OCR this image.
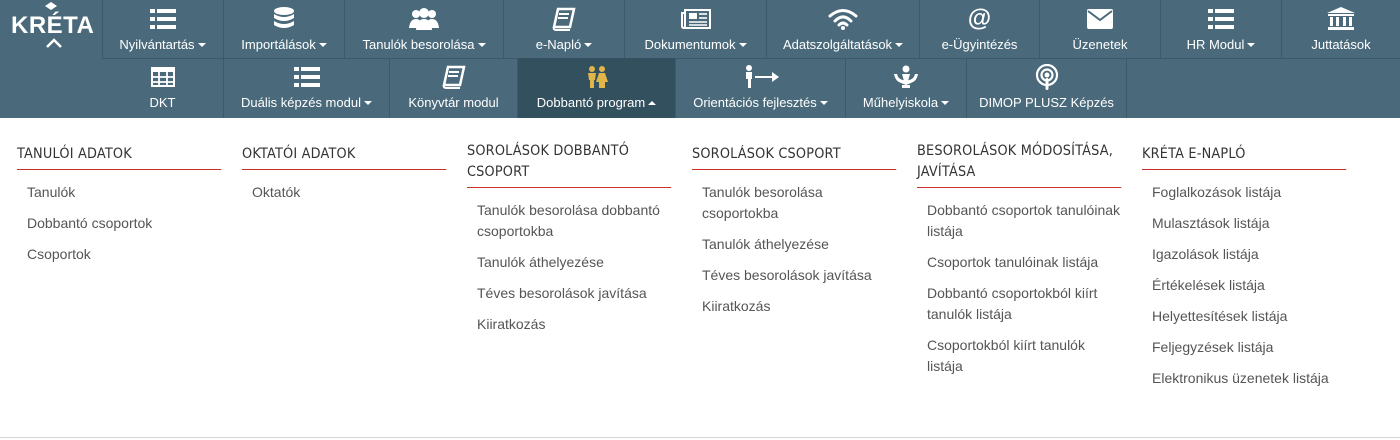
KRÉTA
Nyilvántartás	Importálások	Tanulók besorolása	e-Napló	Dokumentumok	Adatszolgáltatások
@
e-Ügyintézés	Üzenetek	HR Modul	Juttatások
DKT	Duális képzés modul	Könyvtár modul	Dobbantó program	Orientációs fejlesztés	Műhelyiskola	DIMOP PLUSZ Képzés
TANULÓI ADATOK
Tanulók
Dobbantó csoportok
Csoportok
OKTATÓI ADATOK
Oktatók
SOROLÁSOK DOBBANTÓ CSOPORT
Tanulók besorolása dobbantó csoportokba
Tanulók áthelyezése
Téves besorolások javítása
Kiiratkozás
SOROLÁSOK CSOPORT
Tanulók besorolása csoportokba
Tanulók áthelyezése
Téves besorolások javítása
Kiiratkozás
BESOROLÁSOK MÓDOSÍTÁSA, JAVÍTÁSA
Dobbantó csoportok tanulóinak listája
Csoportok tanulóinak listája
Dobbantó csoportokból kiírt tanulók listája
Csoportokból kiírt tanulók listája
KRÉTA E-NAPLÓ
Foglalkozások listája
Mulasztások listája
Igazolások listája
Értékelések listája
Helyettesítések listája
Feljegyzések listája
Elektronikus üzenetek listája
